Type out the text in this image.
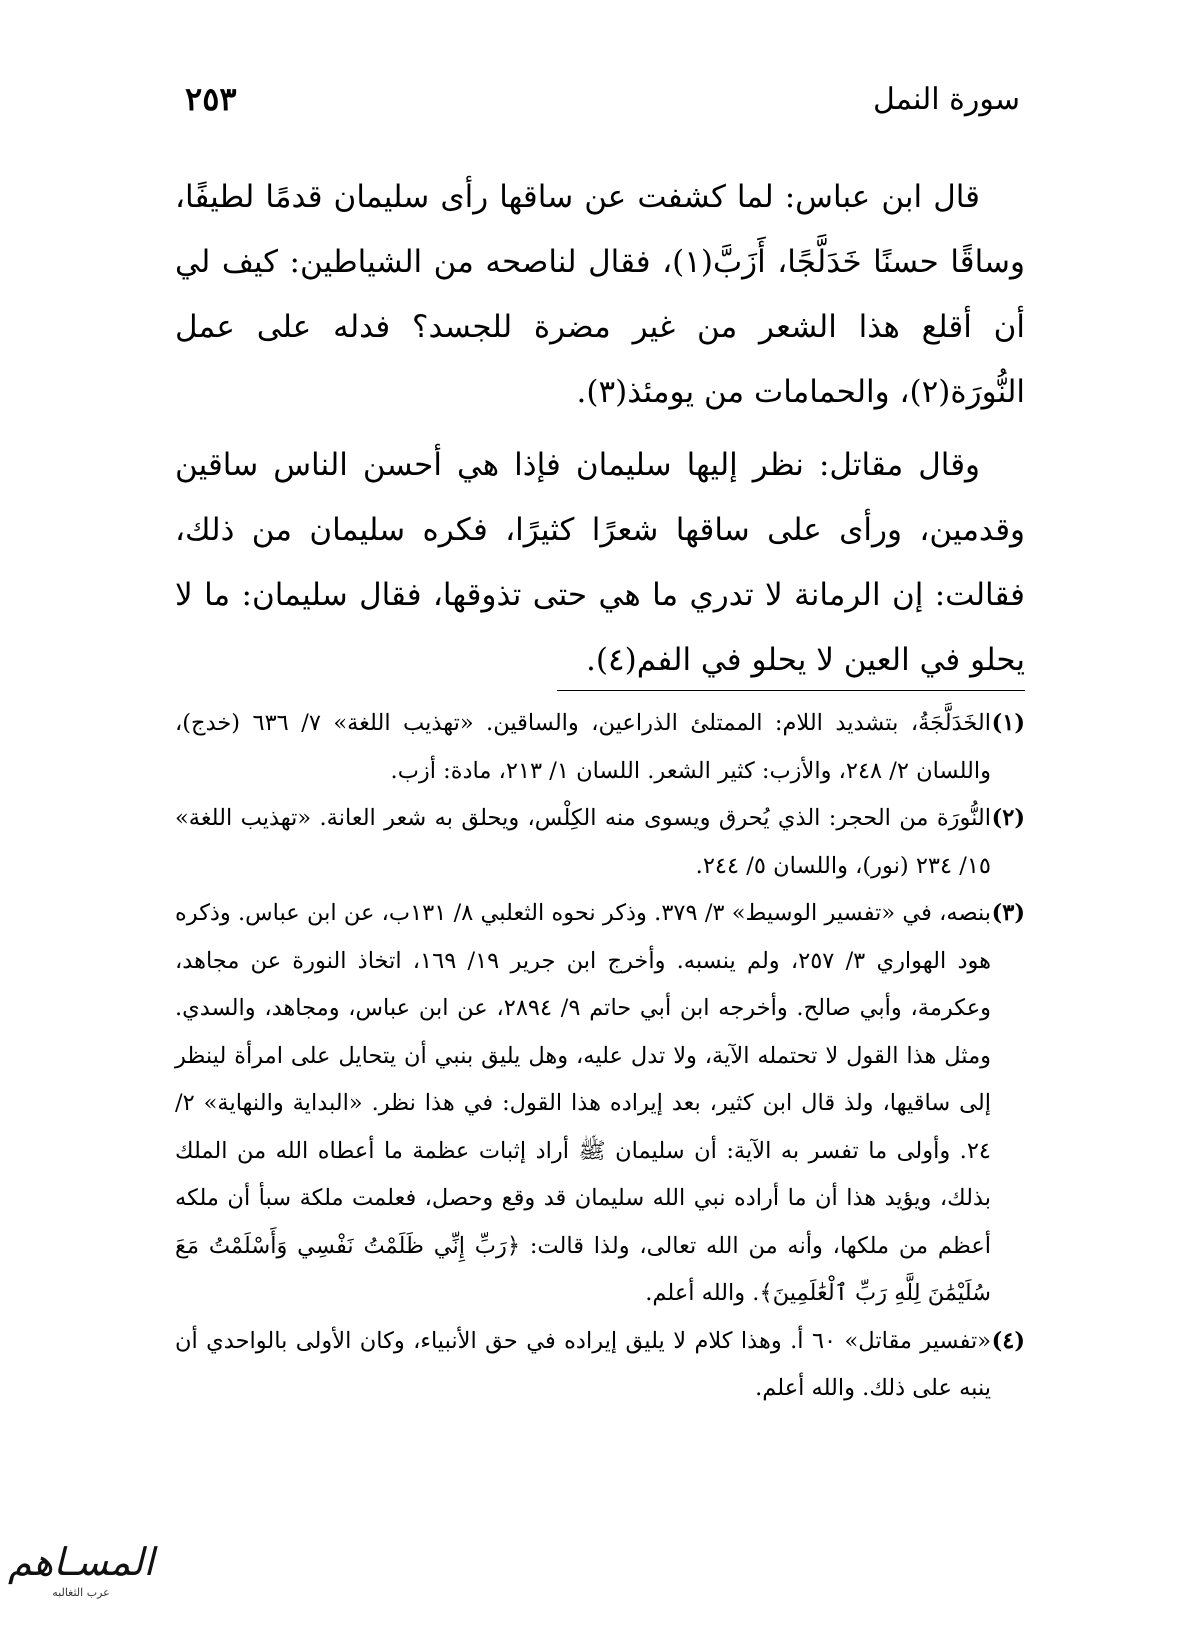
٢٥٣	سورة النمل

قال ابن عباس: لما كشفت عن ساقها رأى سليمان قدمًا لطيفًا، وساقًا حسنًا خَدَلَّجًا، أَزَبَّ(١)، فقال لناصحه من الشياطين: كيف لي أن أقلع هذا الشعر من غير مضرة للجسد؟ فدله على عمل النُّورَة(٢)، والحمامات من يومئذ(٣).

وقال مقاتل: نظر إليها سليمان فإذا هي أحسن الناس ساقين وقدمين، ورأى على ساقها شعرًا كثيرًا، فكره سليمان من ذلك، فقالت: إن الرمانة لا تدري ما هي حتى تذوقها، فقال سليمان: ما لا يحلو في العين لا يحلو في الفم(٤).

(١)
الخَدَلَّجَةُ، بتشديد اللام: الممتلئ الذراعين، والساقين. «تهذيب اللغة» ٧/ ٦٣٦ (خدج)، واللسان ٢/ ٢٤٨، والأزب: كثير الشعر. اللسان ١/ ٢١٣، مادة: أزب.
(٢)
النُّورَة من الحجر: الذي يُحرق ويسوى منه الكِلْس، ويحلق به شعر العانة. «تهذيب اللغة» ١٥/ ٢٣٤ (نور)، واللسان ٥/ ٢٤٤.
(٣)
بنصه، في «تفسير الوسيط» ٣/ ٣٧٩. وذكر نحوه الثعلبي ٨/ ١٣١ب، عن ابن عباس. وذكره هود الهواري ٣/ ٢٥٧، ولم ينسبه. وأخرج ابن جرير ١٩/ ١٦٩، اتخاذ النورة عن مجاهد، وعكرمة، وأبي صالح. وأخرجه ابن أبي حاتم ٩/ ٢٨٩٤، عن ابن عباس، ومجاهد، والسدي. ومثل هذا القول لا تحتمله الآية، ولا تدل عليه، وهل يليق بنبي أن يتحايل على امرأة لينظر إلى ساقيها، ولذ قال ابن كثير، بعد إيراده هذا القول: في هذا نظر. «البداية والنهاية» ٢/ ٢٤. وأولى ما تفسر به الآية: أن سليمان ﷺ أراد إثبات عظمة ما أعطاه الله من الملك بذلك، ويؤيد هذا أن ما أراده نبي الله سليمان قد وقع وحصل، فعلمت ملكة سبأ أن ملكه أعظم من ملكها، وأنه من الله تعالى، ولذا قالت: ﴿رَبِّ إِنِّي ظَلَمْتُ نَفْسِي وَأَسْلَمْتُ مَعَ سُلَيْمَٰنَ لِلَّهِ رَبِّ ٱلْعَٰلَمِينَ﴾. والله أعلم.
(٤)
«تفسير مقاتل» ٦٠ أ. وهذا كلام لا يليق إيراده في حق الأنبياء، وكان الأولى بالواحدي أن ينبه على ذلك. والله أعلم.
المسـاهم
عرب الثغالبه
